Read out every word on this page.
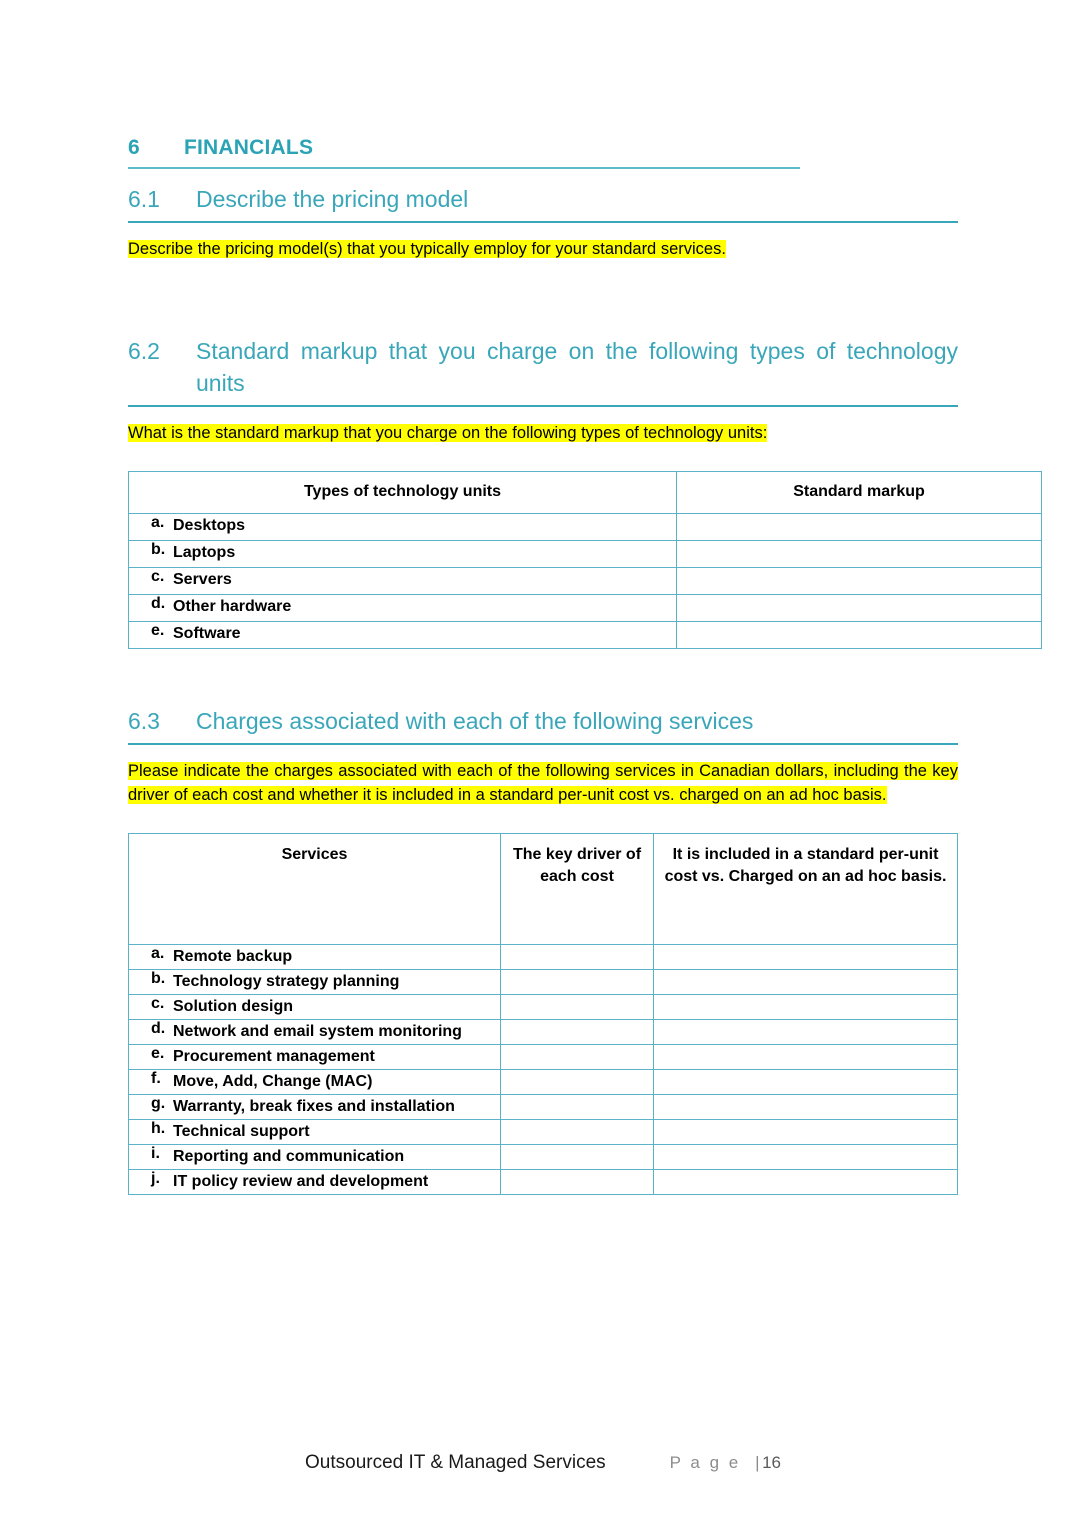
6	FINANCIALS
6.1	Describe the pricing model

Describe the pricing model(s) that you typically employ for your standard services.

6.2	Standard markup that you charge on the following types of technology units

What is the standard markup that you charge on the following types of technology units:

Types of technology units	Standard markup

a. Desktops	

b. Laptops	

c. Servers	

d. Other hardware	

e. Software	

6.3	Charges associated with each of the following services

Please indicate the charges associated with each of the following services in Canadian dollars, including the key driver of each cost and whether it is included in a standard per-unit cost vs. charged on an ad hoc basis.

Services	The key driver of each cost	It is included in a standard per-unit cost vs. Charged on an ad hoc basis.

a. Remote backup		

b. Technology strategy planning		

c. Solution design		

d. Network and email system monitoring		

e. Procurement management		

f. Move, Add, Change (MAC)		

g. Warranty, break fixes and installation		

h. Technical support		

i. Reporting and communication		

j. IT policy review and development		

Outsourced IT & Managed Services	P a g e  |16
